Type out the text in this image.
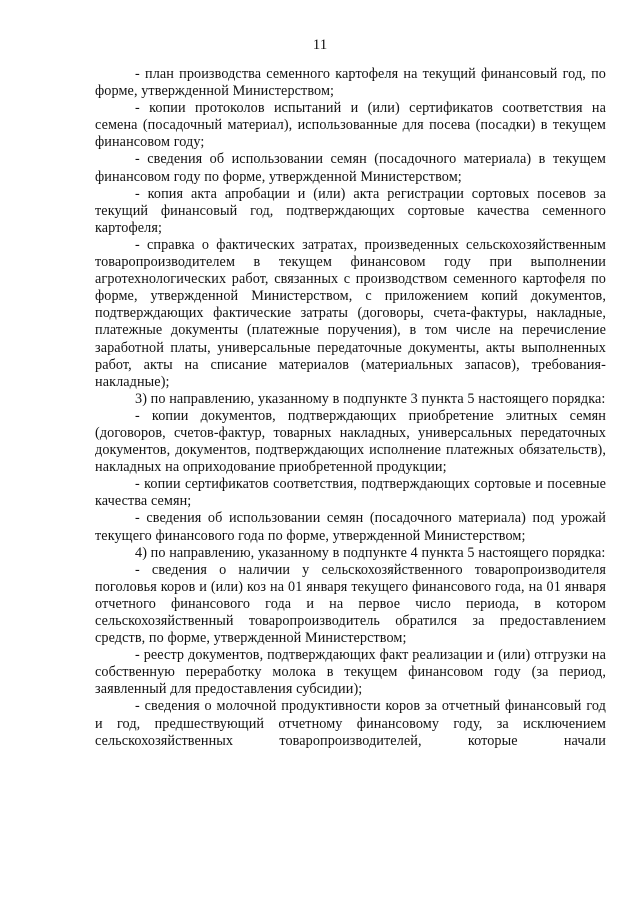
11

- план производства семенного картофеля на текущий финансовый год, по форме, утвержденной Министерством;

- копии протоколов испытаний и (или) сертификатов соответствия на семена (посадочный материал), использованные для посева (посадки) в текущем финансовом году;

- сведения об использовании семян (посадочного материала) в текущем финансовом году по форме, утвержденной Министерством;

- копия акта апробации и (или) акта регистрации сортовых посевов за текущий финансовый год, подтверждающих сортовые качества семенного картофеля;

- справка о фактических затратах, произведенных сельскохозяйственным товаропроизводителем в текущем финансовом году при выполнении агротехнологических работ, связанных с производством семенного картофеля по форме, утвержденной Министерством, с приложением копий документов, подтверждающих фактические затраты (договоры, счета-фактуры, накладные, платежные документы (платежные поручения), в том числе на перечисление заработной платы, универсальные передаточные документы, акты выполненных работ, акты на списание материалов (материальных запасов), требования-накладные);

3) по направлению, указанному в подпункте 3 пункта 5 настоящего порядка:

- копии документов, подтверждающих приобретение элитных семян (договоров, счетов-фактур, товарных накладных, универсальных передаточных документов, документов, подтверждающих исполнение платежных обязательств), накладных на оприходование приобретенной продукции;

- копии сертификатов соответствия, подтверждающих сортовые и посевные качества семян;

- сведения об использовании семян (посадочного материала) под урожай текущего финансового года по форме, утвержденной Министерством;

4) по направлению, указанному в подпункте 4 пункта 5 настоящего порядка:

- сведения о наличии у сельскохозяйственного товаропроизводителя поголовья коров и (или) коз на 01 января текущего финансового года, на 01 января отчетного финансового года и на первое число периода, в котором сельскохозяйственный товаропроизводитель обратился за предоставлением средств, по форме, утвержденной Министерством;

- реестр документов, подтверждающих факт реализации и (или) отгрузки на собственную переработку молока в текущем финансовом году (за период, заявленный для предоставления субсидии);

- сведения о молочной продуктивности коров за отчетный финансовый год и год, предшествующий отчетному финансовому году, за исключением сельскохозяйственных товаропроизводителей, которые начали
